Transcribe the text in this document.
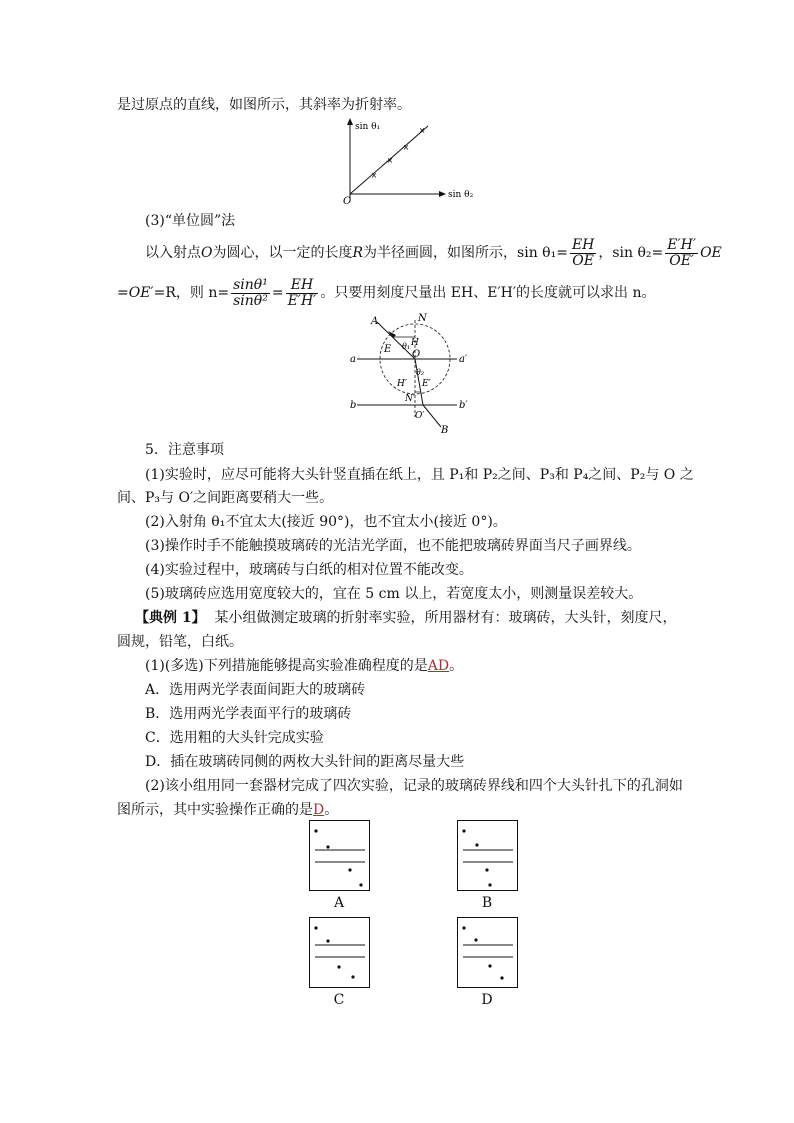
是过原点的直线，如图所示，其斜率为折射率。
×
×
×
×
sin θ₁
sin θ₂
O
(3)“单位圆”法
以入射点O为圆心，以一定的长度R为半径画圆，如图所示，$\sin \theta_1= \frac{EH}{OE}$ ，$\sin \theta_2= \frac{E'H'}{OE'}$ OE
=OE′=R，则 $n= \frac{\text{sinθ¹}}{\text{sinθ²}} = \frac{EH}{E'H'}$ 。只要用刻度尺量出 EH、E′H′的长度就可以求出 n。
A	N
E
H
θ₁
O
a	a′
H′
θ₂
E′
N′
b	b′
O′
B
5．注意事项
(1)实验时，应尽可能将大头针竖直插在纸上，且 P₁和 P₂之间、P₃和 P₄之间、P₂与 O 之
间、P₃与 O′之间距离要稍大一些。
(2)入射角 θ₁不宜太大(接近 90°)，也不宜太小(接近 0°)。
(3)操作时手不能触摸玻璃砖的光洁光学面，也不能把玻璃砖界面当尺子画界线。
(4)实验过程中，玻璃砖与白纸的相对位置不能改变。
(5)玻璃砖应选用宽度较大的，宜在 5 cm 以上，若宽度太小，则测量误差较大。
【典例 1】 某小组做测定玻璃的折射率实验，所用器材有：玻璃砖，大头针，刻度尺，
圆规，铅笔，白纸。
(1)(多选)下列措施能够提高实验准确程度的是AD。
A．选用两光学表面间距大的玻璃砖
B．选用两光学表面平行的玻璃砖
C．选用粗的大头针完成实验
D．插在玻璃砖同侧的两枚大头针间的距离尽量大些
(2)该小组用同一套器材完成了四次实验，记录的玻璃砖界线和四个大头针扎下的孔洞如
图所示，其中实验操作正确的是D。
A	B
C	D
